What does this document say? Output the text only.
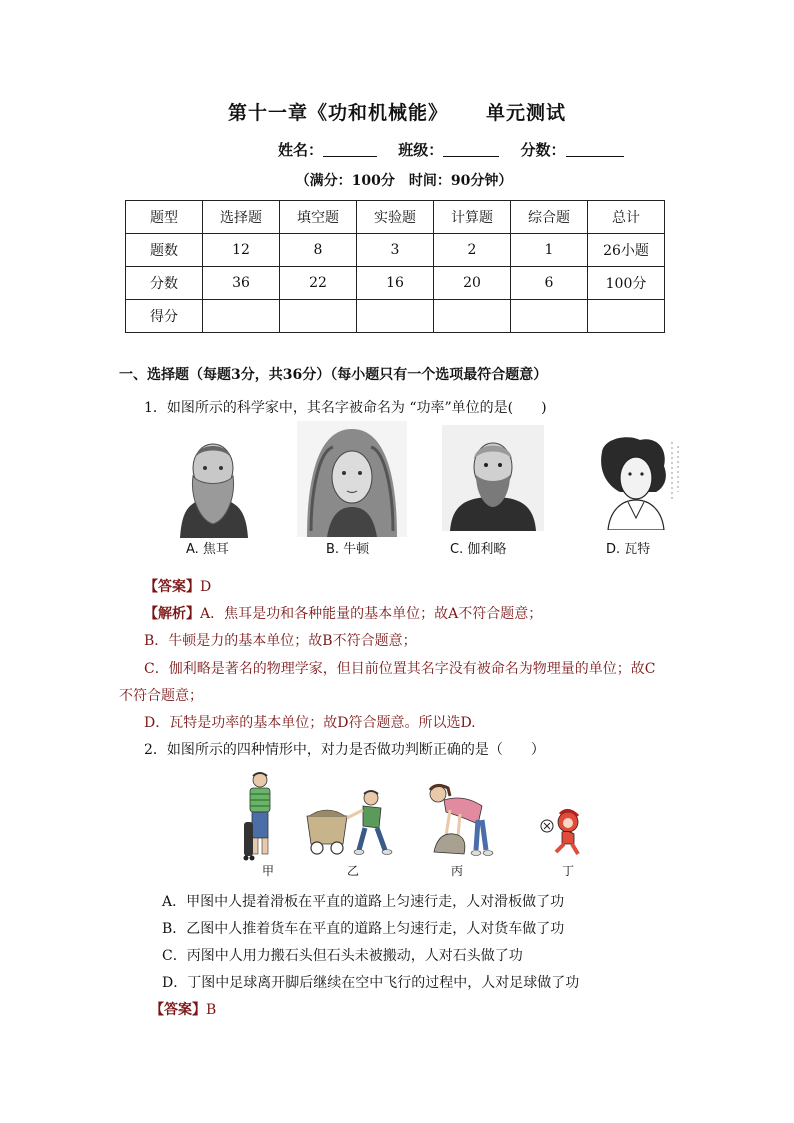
第十一章《功和机械能》 单元测试
姓名：	班级：	分数：
（满分：100分　时间：90分钟）
题型	选择题	填空题	实验题	计算题	综合题	总计
题数	12	8	3	2	1	26小题
分数	36	22	16	20	6	100分
得分						
一、选择题（每题3分，共36分）（每小题只有一个选项最符合题意）
1．如图所示的科学家中，其名字被命名为 “功率”单位的是(　　)
A. 焦耳	B. 牛顿	C. 伽利略	D. 瓦特
【答案】D
【解析】A．焦耳是功和各种能量的基本单位；故A不符合题意；
B．牛顿是力的基本单位；故B不符合题意；
C．伽利略是著名的物理学家，但目前位置其名字没有被命名为物理量的单位；故C
不符合题意；
D．瓦特是功率的基本单位；故D符合题意。所以选D.
2．如图所示的四种情形中，对力是否做功判断正确的是（　　）
甲	乙	丙	丁
A．甲图中人提着滑板在平直的道路上匀速行走，人对滑板做了功
B．乙图中人推着货车在平直的道路上匀速行走，人对货车做了功
C．丙图中人用力搬石头但石头未被搬动，人对石头做了功
D．丁图中足球离开脚后继续在空中飞行的过程中，人对足球做了功
【答案】B
